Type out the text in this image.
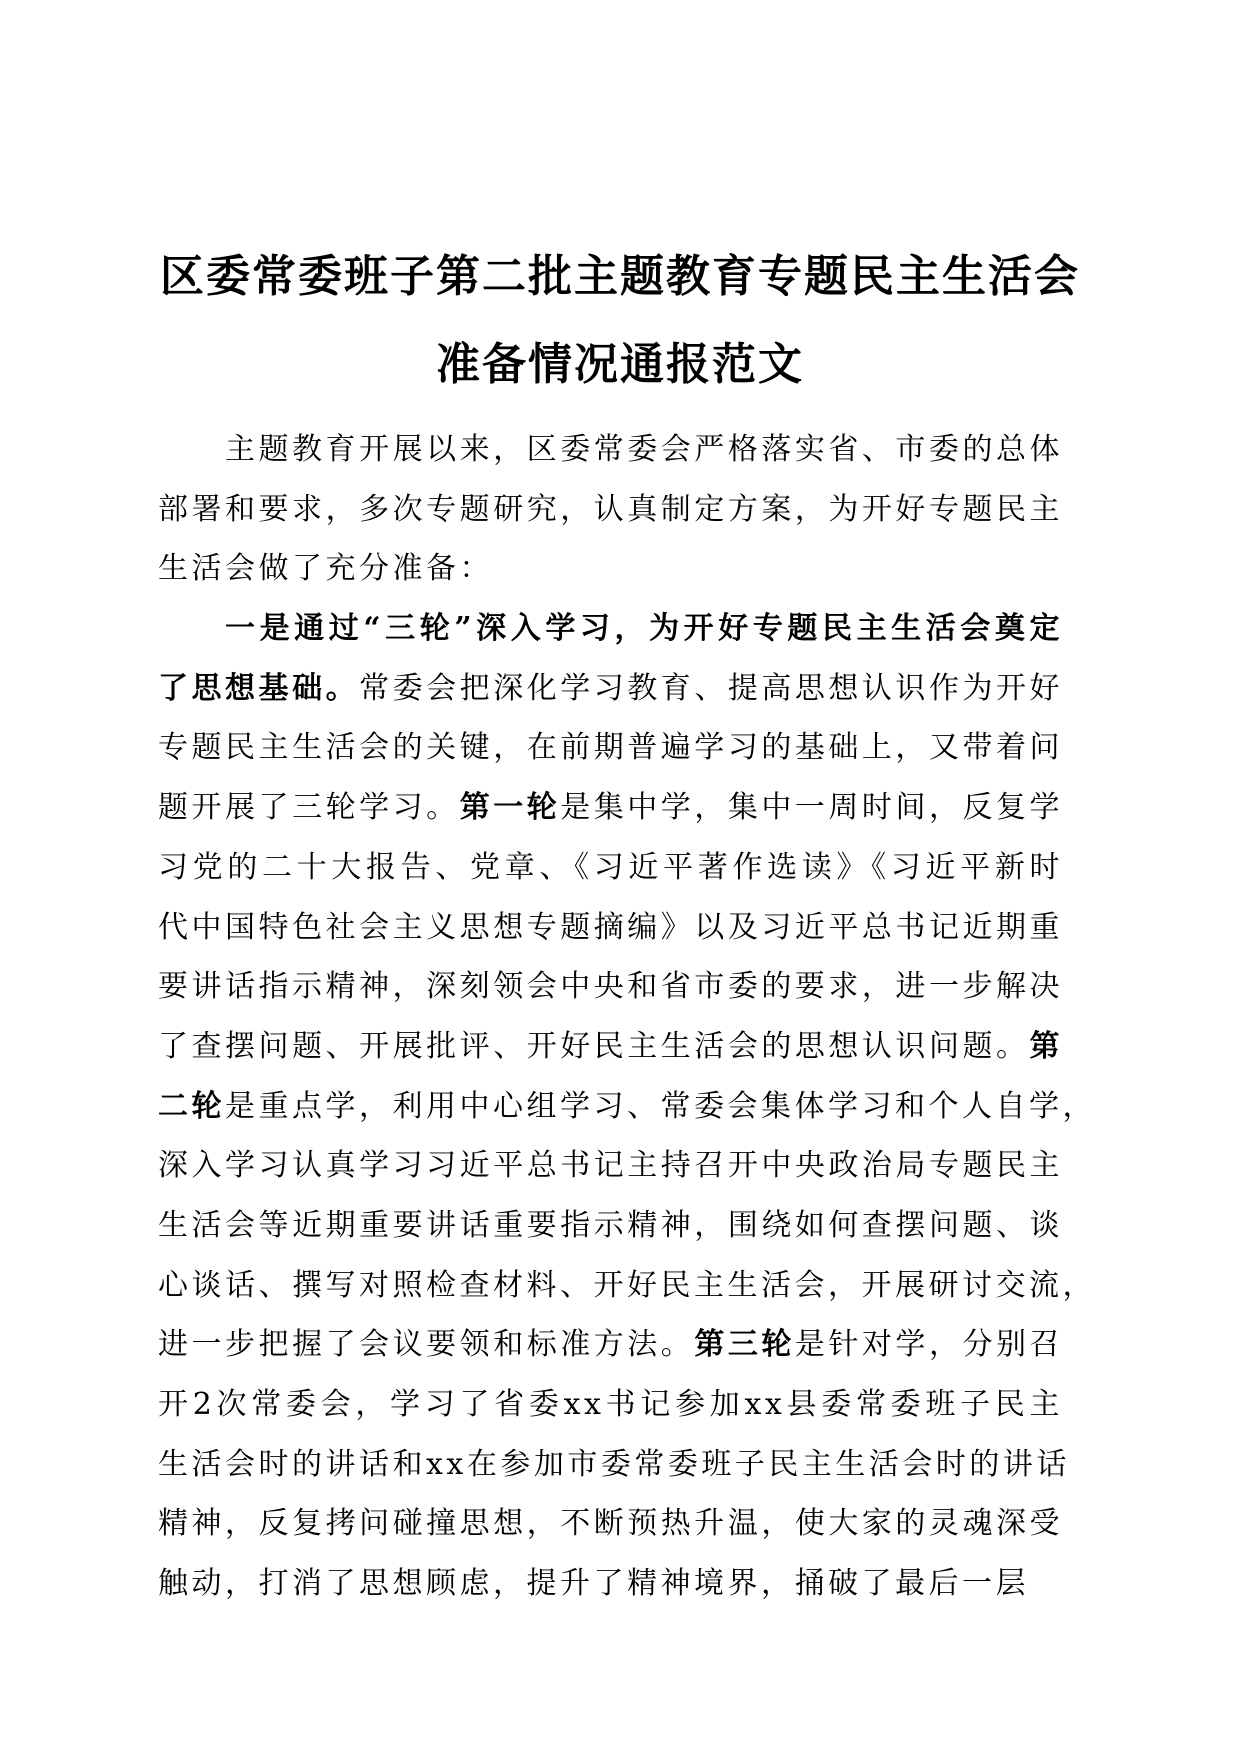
区委常委班子第二批主题教育专题民主生活会
准备情况通报范文
主题教育开展以来，区委常委会严格落实省、市委的总体
部署和要求，多次专题研究，认真制定方案，为开好专题民主
生活会做了充分准备：
一是通过“三轮”深入学习，为开好专题民主生活会奠定
了思想基础。常委会把深化学习教育、提高思想认识作为开好
专题民主生活会的关键，在前期普遍学习的基础上，又带着问
题开展了三轮学习。第一轮是集中学，集中一周时间，反复学
习党的二十大报告、党章、《习近平著作选读》《习近平新时
代中国特色社会主义思想专题摘编》以及习近平总书记近期重
要讲话指示精神，深刻领会中央和省市委的要求，进一步解决
了查摆问题、开展批评、开好民主生活会的思想认识问题。第
二轮是重点学，利用中心组学习、常委会集体学习和个人自学，
深入学习认真学习习近平总书记主持召开中央政治局专题民主
生活会等近期重要讲话重要指示精神，围绕如何查摆问题、谈
心谈话、撰写对照检查材料、开好民主生活会，开展研讨交流，
进一步把握了会议要领和标准方法。第三轮是针对学，分别召
开2次常委会，学习了省委xx书记参加xx县委常委班子民主
生活会时的讲话和xx在参加市委常委班子民主生活会时的讲话
精神，反复拷问碰撞思想，不断预热升温，使大家的灵魂深受
触动，打消了思想顾虑，提升了精神境界，捅破了最后一层
